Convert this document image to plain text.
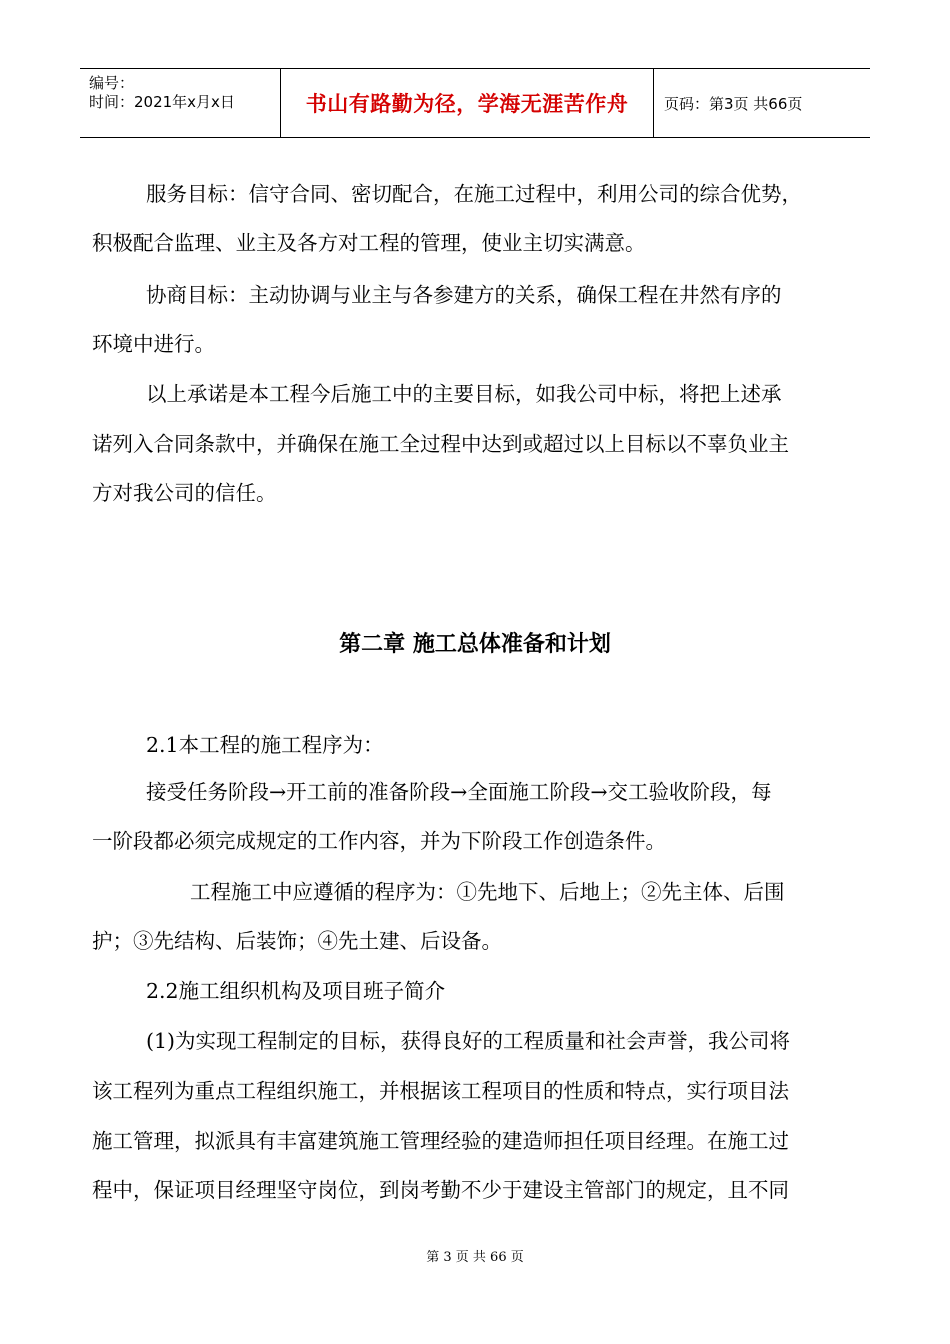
编号：
时间：2021年x月x日	书山有路勤为径，学海无涯苦作舟 页码：第3页 共66页
服务目标：信守合同、密切配合，在施工过程中，利用公司的综合优势，
积极配合监理、业主及各方对工程的管理，使业主切实满意。
协商目标：主动协调与业主与各参建方的关系，确保工程在井然有序的
环境中进行。
以上承诺是本工程今后施工中的主要目标，如我公司中标，将把上述承
诺列入合同条款中，并确保在施工全过程中达到或超过以上目标以不辜负业主
方对我公司的信任。
第二章 施工总体准备和计划
2.1本工程的施工程序为：
接受任务阶段→开工前的准备阶段→全面施工阶段→交工验收阶段，每
一阶段都必须完成规定的工作内容，并为下阶段工作创造条件。
工程施工中应遵循的程序为：①先地下、后地上；②先主体、后围
护；③先结构、后装饰；④先土建、后设备。
2.2施工组织机构及项目班子简介
(1)为实现工程制定的目标，获得良好的工程质量和社会声誉，我公司将
该工程列为重点工程组织施工，并根据该工程项目的性质和特点，实行项目法
施工管理，拟派具有丰富建筑施工管理经验的建造师担任项目经理。在施工过
程中，保证项目经理坚守岗位，到岗考勤不少于建设主管部门的规定，且不同
第 3 页 共 66 页
